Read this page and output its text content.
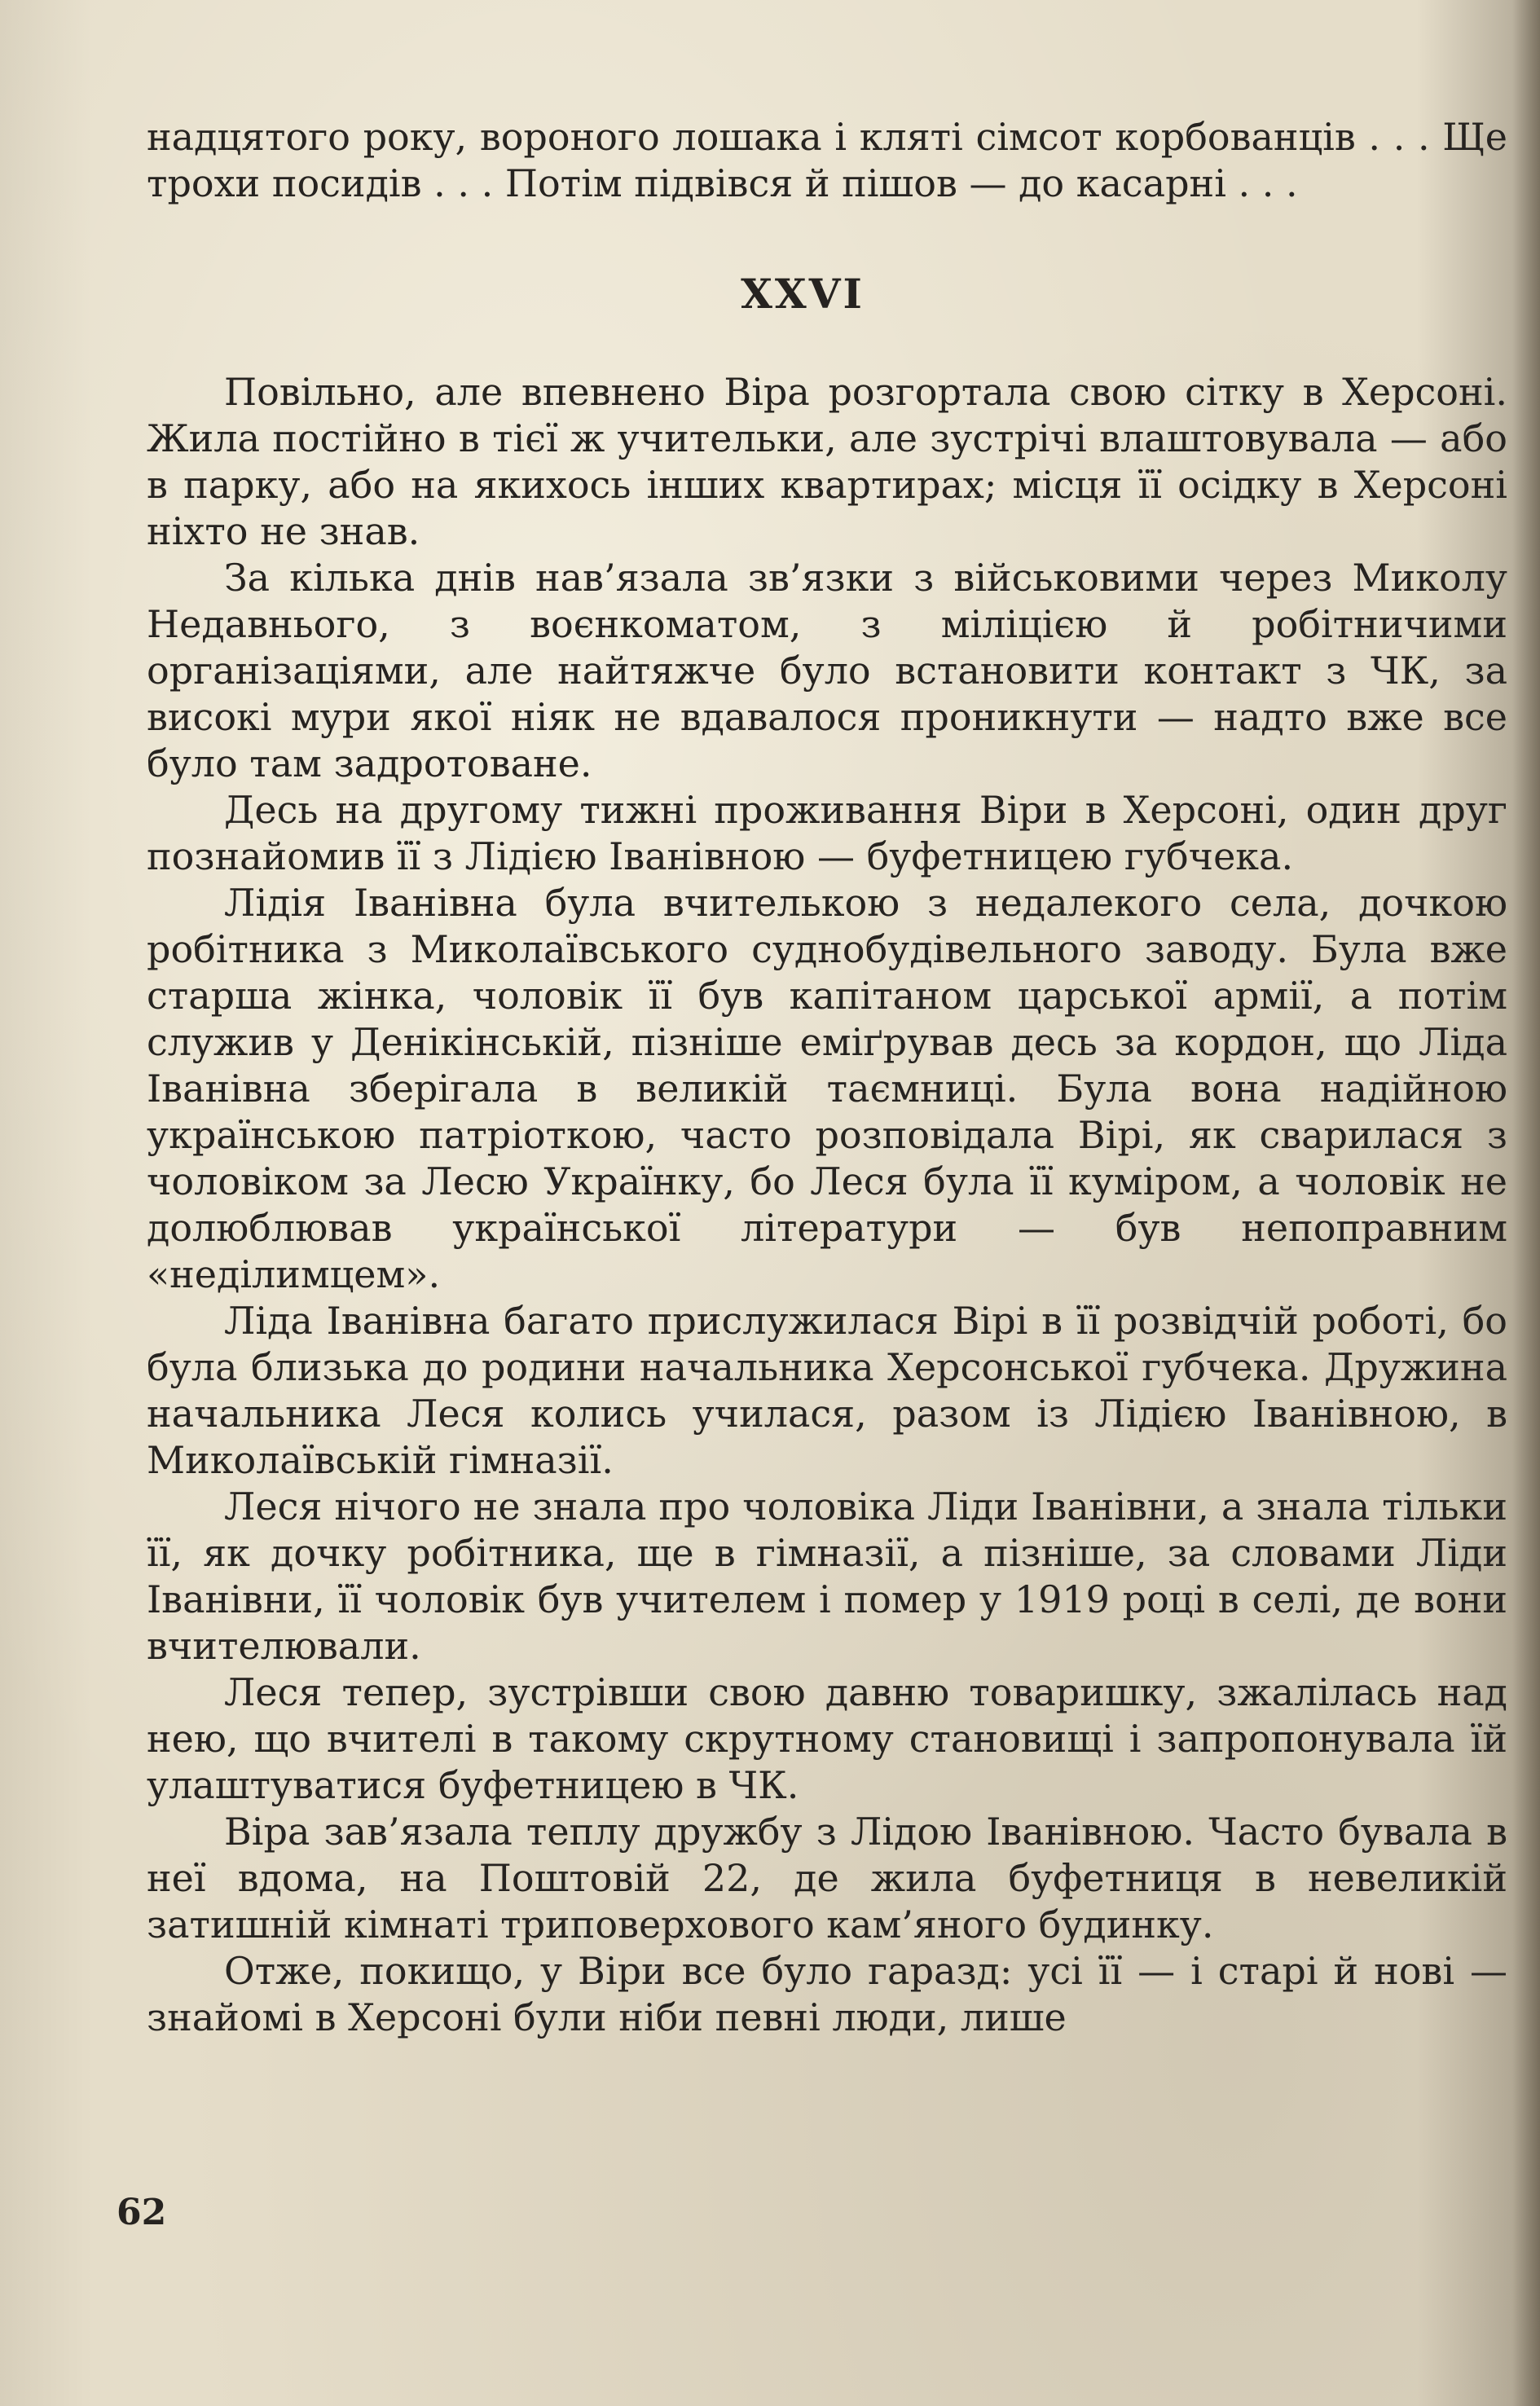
надцятого року, вороного лошака і кляті сімсот корбованців . . . Ще трохи посидів . . . Потім підвівся й пішов — до касарні . . .

XXVI

Повільно, але впевнено Віра розгортала свою сітку в Херсоні. Жила постійно в тієї ж учительки, але зустрічі влаштовувала — або в парку, або на якихось інших квартирах; місця її осідку в Херсоні ніхто не знав.

За кілька днів нав’язала зв’язки з військовими через Миколу Недавнього, з воєнкоматом, з міліцією й робітничими організаціями, але найтяжче було встановити контакт з ЧК, за високі мури якої ніяк не вдавалося проникнути — надто вже все було там задротоване.

Десь на другому тижні проживання Віри в Херсоні, один друг познайомив її з Лідією Іванівною — буфетницею губчека.

Лідія Іванівна була вчителькою з недалекого села, дочкою робітника з Миколаївського суднобудівельного заводу. Була вже старша жінка, чоловік її був капітаном царської армії, а потім служив у Денікінській, пізніше еміґрував десь за кордон, що Ліда Іванівна зберігала в великій таємниці. Була вона надійною українською патріоткою, часто розповідала Вірі, як сварилася з чоловіком за Лесю Українку, бо Леся була її куміром, а чоловік не долюблював української літератури — був непоправним «неділимцем».

Ліда Іванівна багато прислужилася Вірі в її розвідчій роботі, бо була близька до родини начальника Херсонської губчека. Дружина начальника Леся колись училася, разом із Лідією Іванівною, в Миколаївській гімназії.

Леся нічого не знала про чоловіка Ліди Іванівни, а знала тільки її, як дочку робітника, ще в гімназії, а пізніше, за словами Ліди Іванівни, її чоловік був учителем і помер у 1919 році в селі, де вони вчителювали.

Леся тепер, зустрівши свою давню товаришку, зжалілась над нею, що вчителі в такому скрутному становищі і запропонувала їй улаштуватися буфетницею в ЧК.

Віра зав’язала теплу дружбу з Лідою Іванівною. Часто бувала в неї вдома, на Поштовій 22, де жила буфетниця в невеликій затишній кімнаті триповерхового кам’яного будинку.

Отже, покищо, у Віри все було гаразд: усі її — і старі й нові — знайомі в Херсоні були ніби певні люди, лише

62
